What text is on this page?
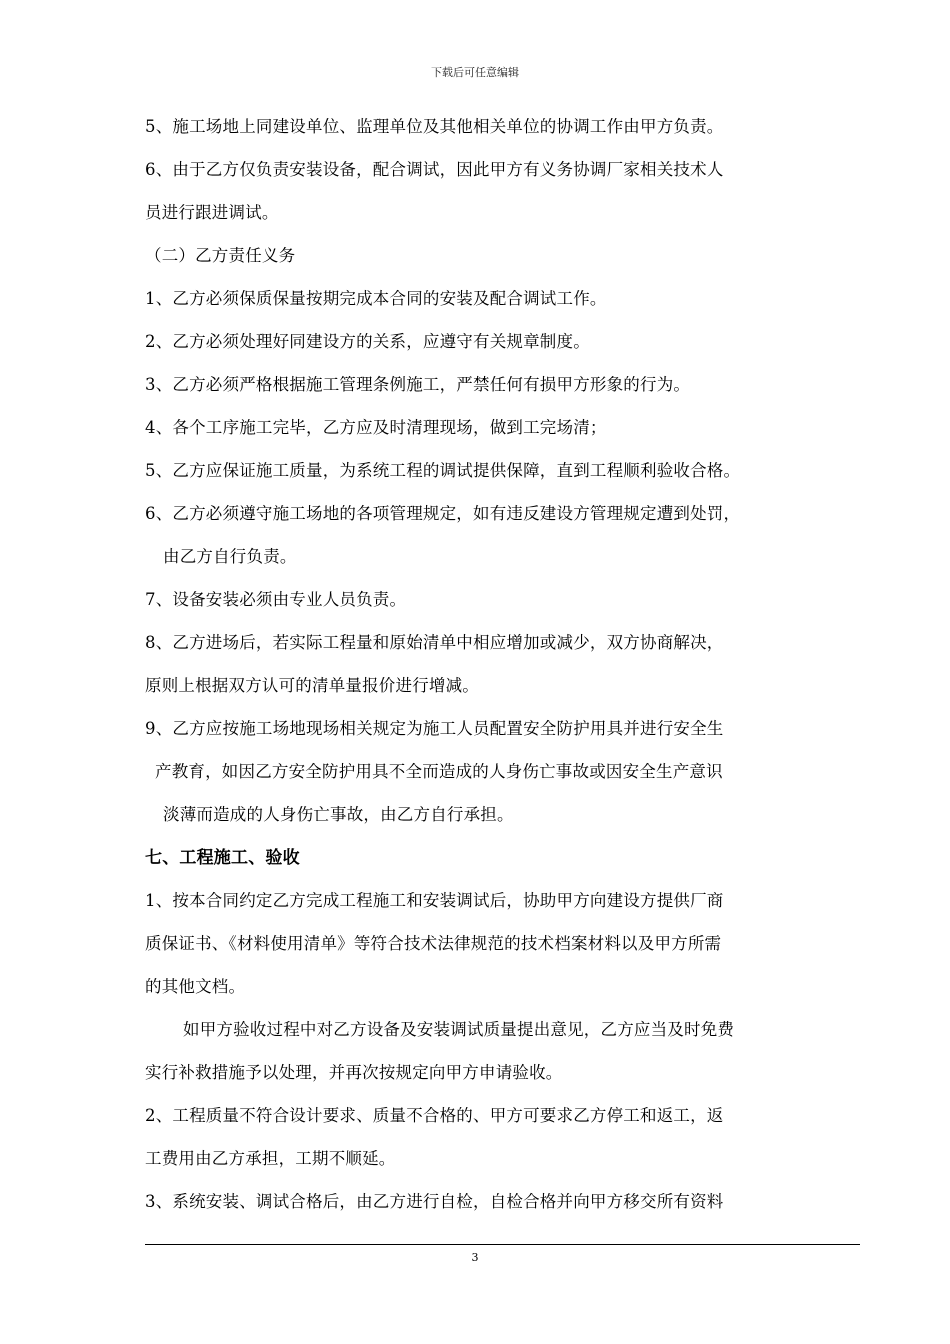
下载后可任意编辑
5、施工场地上同建设单位、监理单位及其他相关单位的协调工作由甲方负责。
6、由于乙方仅负责安装设备，配合调试，因此甲方有义务协调厂家相关技术人
员进行跟进调试。
（二）乙方责任义务
1、乙方必须保质保量按期完成本合同的安装及配合调试工作。
2、乙方必须处理好同建设方的关系，应遵守有关规章制度。
3、乙方必须严格根据施工管理条例施工，严禁任何有损甲方形象的行为。
4、各个工序施工完毕，乙方应及时清理现场，做到工完场清；
5、乙方应保证施工质量，为系统工程的调试提供保障，直到工程顺利验收合格。
6、乙方必须遵守施工场地的各项管理规定，如有违反建设方管理规定遭到处罚，
由乙方自行负责。
7、设备安装必须由专业人员负责。
8、乙方进场后，若实际工程量和原始清单中相应增加或减少，双方协商解决，
原则上根据双方认可的清单量报价进行增减。
9、乙方应按施工场地现场相关规定为施工人员配置安全防护用具并进行安全生
产教育，如因乙方安全防护用具不全而造成的人身伤亡事故或因安全生产意识
淡薄而造成的人身伤亡事故，由乙方自行承担。
七、工程施工、验收
1、按本合同约定乙方完成工程施工和安装调试后，协助甲方向建设方提供厂商
质保证书、《材料使用清单》等符合技术法律规范的技术档案材料以及甲方所需
的其他文档。
如甲方验收过程中对乙方设备及安装调试质量提出意见，乙方应当及时免费
实行补救措施予以处理，并再次按规定向甲方申请验收。
2、工程质量不符合设计要求、质量不合格的、甲方可要求乙方停工和返工，返
工费用由乙方承担，工期不顺延。
3、系统安装、调试合格后，由乙方进行自检，自检合格并向甲方移交所有资料
3
